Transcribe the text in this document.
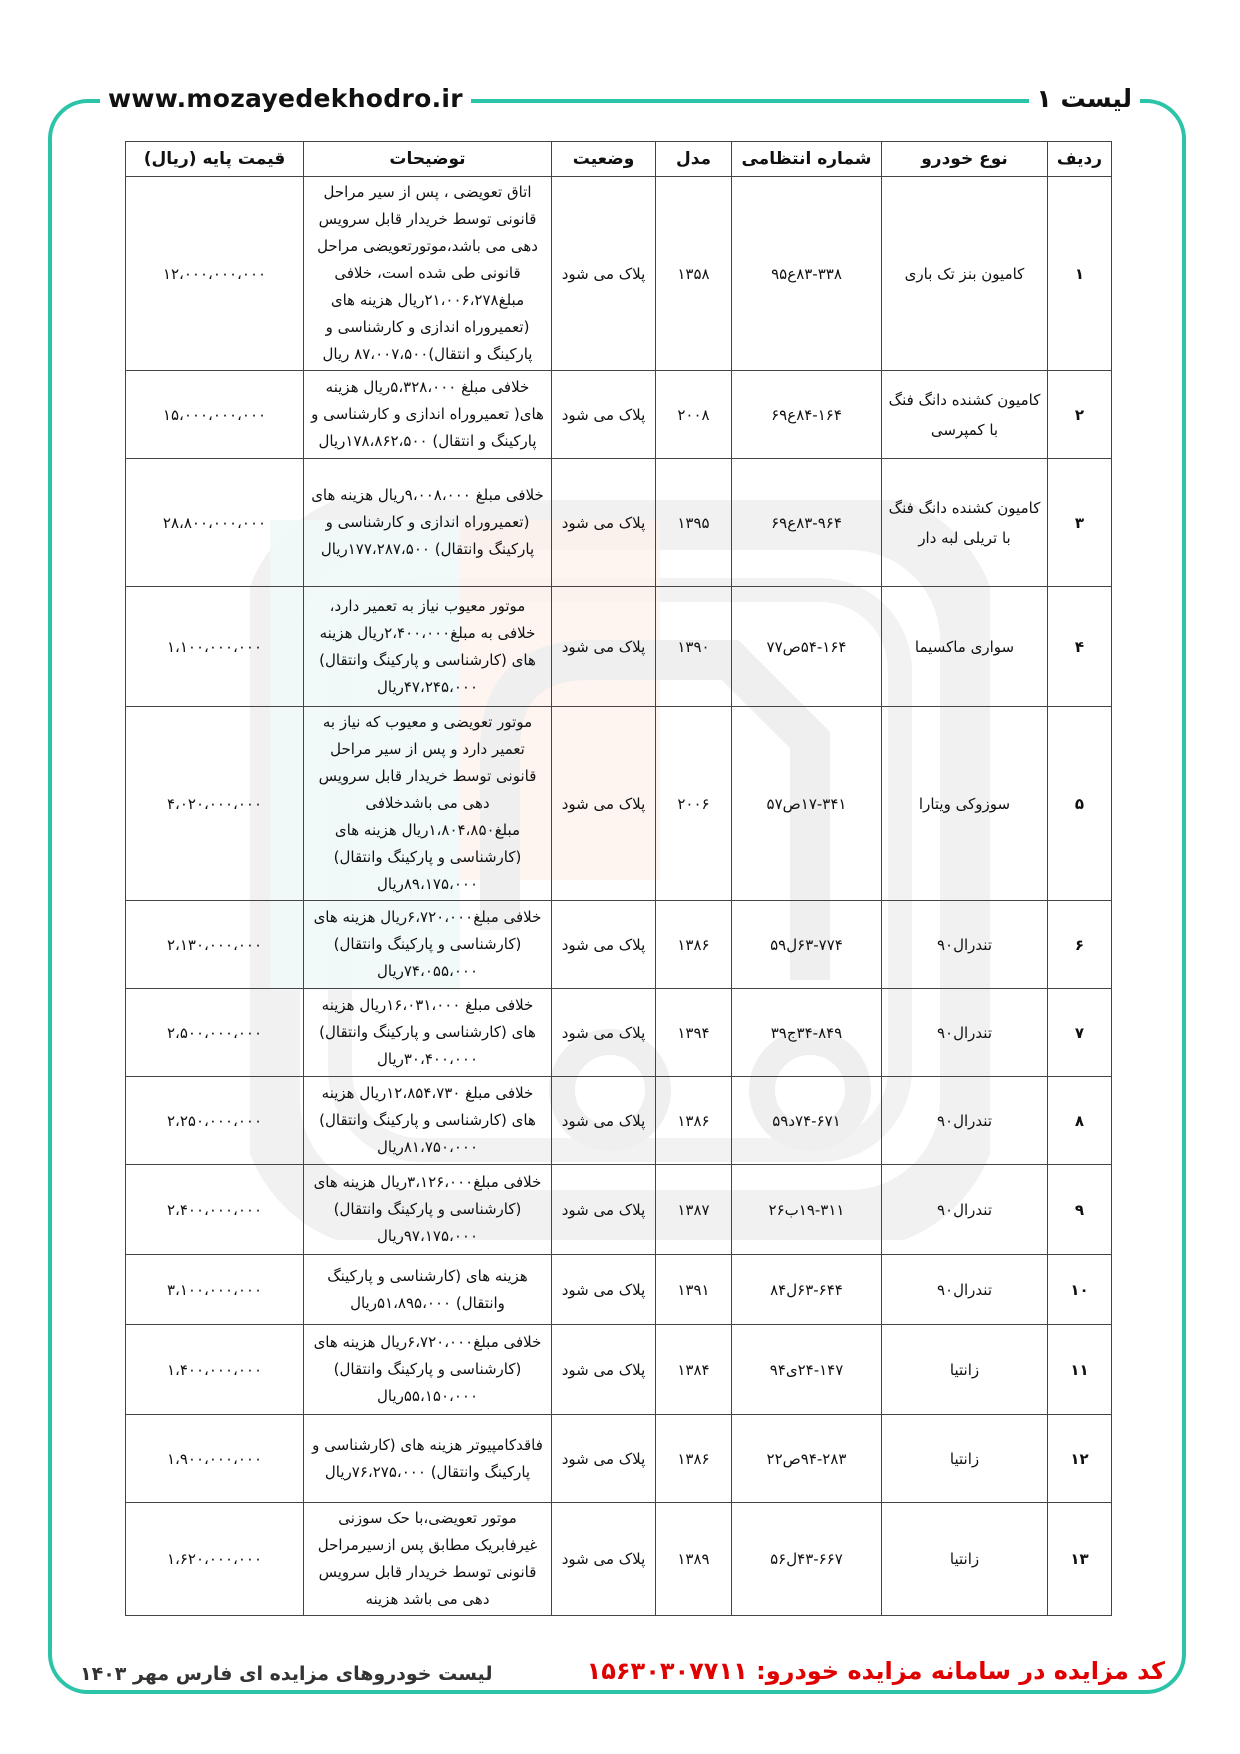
www.mozayedekhodro.ir	لیست ۱
ردیف	نوع خودرو	شماره انتظامی	مدل	وضعیت	توضیحات	قیمت پایه (ریال)
۱	کامیون بنز تک باری	۸۳-۳۳۸ع۹۵	۱۳۵۸	پلاک می شود	اتاق تعویضی ، پس از سیر مراحل قانونی توسط خریدار قابل سرویس دهی می باشد،موتورتعویضی مراحل قانونی طی شده است، خلافی مبلغ۲۱،۰۰۶،۲۷۸ریال هزینه های (تعمیروراه اندازی و کارشناسی و پارکینگ و انتقال)۸۷،۰۰۷،۵۰۰ ریال	۱۲،۰۰۰،۰۰۰،۰۰۰
۲	کامیون کشنده دانگ فنگ با کمپرسی	۸۴-۱۶۴ع۶۹	۲۰۰۸	پلاک می شود	خلافی مبلغ ۵،۳۲۸،۰۰۰ریال هزینه های( تعمیروراه اندازی و کارشناسی و پارکینگ و انتقال) ۱۷۸،۸۶۲،۵۰۰ریال	۱۵،۰۰۰،۰۰۰،۰۰۰
۳	کامیون کشنده دانگ فنگ با تریلی لبه دار	۸۳-۹۶۴ع۶۹	۱۳۹۵	پلاک می شود	خلافی مبلغ ۹،۰۰۸،۰۰۰ریال هزینه های (تعمیروراه اندازی و کارشناسی و پارکینگ وانتقال) ۱۷۷،۲۸۷،۵۰۰ریال	۲۸،۸۰۰،۰۰۰،۰۰۰
۴	سواری ماکسیما	۵۴-۱۶۴ص۷۷	۱۳۹۰	پلاک می شود	موتور معیوب نیاز به تعمیر دارد، خلافی به مبلغ۲،۴۰۰،۰۰۰ریال هزینه های (کارشناسی و پارکینگ وانتقال) ۴۷،۲۴۵،۰۰۰ریال	۱،۱۰۰،۰۰۰،۰۰۰
۵	سوزوکی ویتارا	۱۷-۳۴۱ص۵۷	۲۰۰۶	پلاک می شود	موتور تعویضی و معیوب که نیاز به تعمیر دارد و پس از سیر مراحل قانونی توسط خریدار قابل سرویس دهی می باشدخلافی مبلغ۱،۸۰۴،۸۵۰ریال هزینه های (کارشناسی و پارکینگ وانتقال) ۸۹،۱۷۵،۰۰۰ریال	۴،۰۲۰،۰۰۰،۰۰۰
۶	تندرال۹۰	۶۳-۷۷۴ل۵۹	۱۳۸۶	پلاک می شود	خلافی مبلغ۶،۷۲۰،۰۰۰ریال هزینه های (کارشناسی و پارکینگ وانتقال) ۷۴،۰۵۵،۰۰۰ریال	۲،۱۳۰،۰۰۰،۰۰۰
۷	تندرال۹۰	۳۴-۸۴۹ج۳۹	۱۳۹۴	پلاک می شود	خلافی مبلغ ۱۶،۰۳۱،۰۰۰ریال هزینه های (کارشناسی و پارکینگ وانتقال) ۳۰،۴۰۰،۰۰۰ریال	۲،۵۰۰،۰۰۰،۰۰۰
۸	تندرال۹۰	۷۴-۶۷۱د۵۹	۱۳۸۶	پلاک می شود	خلافی مبلغ ۱۲،۸۵۴،۷۳۰ریال هزینه های (کارشناسی و پارکینگ وانتقال) ۸۱،۷۵۰،۰۰۰ریال	۲،۲۵۰،۰۰۰،۰۰۰
۹	تندرال۹۰	۱۹-۳۱۱ب۲۶	۱۳۸۷	پلاک می شود	خلافی مبلغ۳،۱۲۶،۰۰۰ریال هزینه های (کارشناسی و پارکینگ وانتقال) ۹۷،۱۷۵،۰۰۰ریال	۲،۴۰۰،۰۰۰،۰۰۰
۱۰	تندرال۹۰	۶۳-۶۴۴ل۸۴	۱۳۹۱	پلاک می شود	هزینه های (کارشناسی و پارکینگ وانتقال) ۵۱،۸۹۵،۰۰۰ریال	۳،۱۰۰،۰۰۰،۰۰۰
۱۱	زانتیا	۲۴-۱۴۷ی۹۴	۱۳۸۴	پلاک می شود	خلافی مبلغ۶،۷۲۰،۰۰۰ریال هزینه های (کارشناسی و پارکینگ وانتقال) ۵۵،۱۵۰،۰۰۰ریال	۱،۴۰۰،۰۰۰،۰۰۰
۱۲	زانتیا	۹۴-۲۸۳ص۲۲	۱۳۸۶	پلاک می شود	فاقدکامپیوتر هزینه های (کارشناسی و پارکینگ وانتقال) ۷۶،۲۷۵،۰۰۰ریال	۱،۹۰۰،۰۰۰،۰۰۰
۱۳	زانتیا	۴۳-۶۶۷ل۵۶	۱۳۸۹	پلاک می شود	موتور تعویضی،با حک سوزنی غیرفابریک مطابق پس ازسیرمراحل قانونی توسط خریدار قابل سرویس دهی می باشد هزینه	۱،۶۲۰،۰۰۰،۰۰۰
لیست خودروهای مزایده ای فارس مهر ۱۴۰۳	کد مزایده در سامانه مزایده خودرو: ۱۵۶۳۰۳۰۷۷۱۱
